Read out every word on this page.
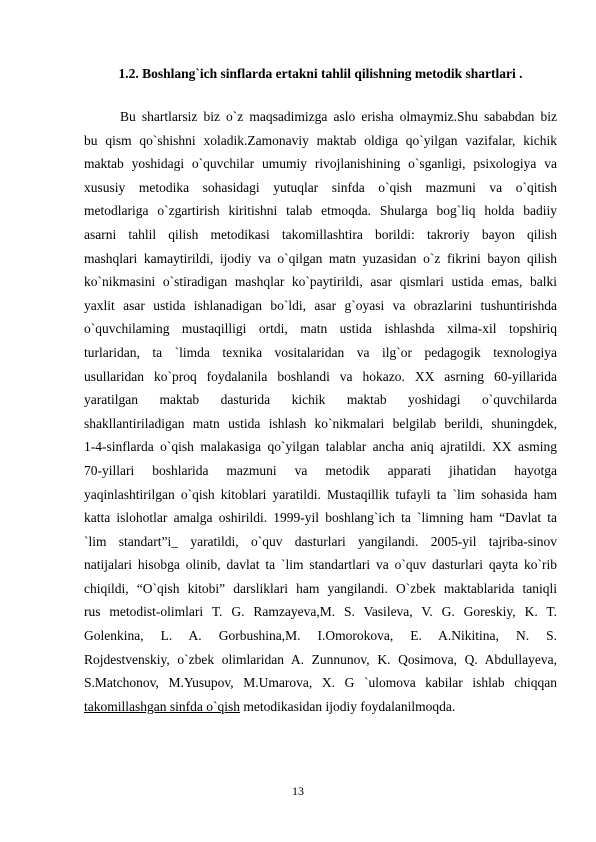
1.2. Boshlang`ich sinflarda ertakni tahlil qilishning metodik shartlari .
Bu shartlarsiz biz o`z maqsadimizga aslo erisha olmaymiz.Shu sababdan biz
bu qism qo`shishni xoladik.Zamonaviy maktab oldiga qo`yilgan vazifalar, kichik
maktab yoshidagi o`quvchilar umumiy rivojlanishining o`sganligi, psixologiya va
xususiy metodika sohasidagi yutuqlar sinfda o`qish mazmuni va o`qitish
metodlariga o`zgartirish kiritishni talab etmoqda. Shularga bog`liq holda badiiy
asarni tahlil qilish metodikasi takomillashtira borildi: takroriy bayon qilish
mashqlari kamaytirildi, ijodiy va o`qilgan matn yuzasidan o`z fikrini bayon qilish
ko`nikmasini o`stiradigan mashqlar ko`paytirildi, asar qismlari ustida emas, balki
yaxlit asar ustida ishlanadigan bo`ldi, asar g`oyasi va obrazlarini tushuntirishda
o`quvchilaming mustaqilligi ortdi, matn ustida ishlashda xilma-xil topshiriq
turlaridan, ta `limda texnika vositalaridan va ilg`or pedagogik texnologiya
usullaridan ko`proq foydalanila boshlandi va hokazo. XX asrning 60-yillarida
yaratilgan maktab dasturida kichik maktab yoshidagi o`quvchilarda
shakllantiriladigan matn ustida ishlash ko`nikmalari belgilab berildi, shuningdek,
1-4-sinflarda o`qish malakasiga qo`yilgan talablar ancha aniq ajratildi. XX asming
70-yillari boshlarida mazmuni va metodik apparati jihatidan hayotga
yaqinlashtirilgan o`qish kitoblari yaratildi. Mustaqillik tufayli ta `lim sohasida ham
katta islohotlar amalga oshirildi. 1999-yil boshlang`ich ta `limning ham “Davlat ta
`lim standart”i_ yaratildi, o`quv dasturlari yangilandi. 2005-yil tajriba-sinov
natijalari hisobga olinib, davlat ta `lim standartlari va o`quv dasturlari qayta ko`rib
chiqildi, “O`qish kitobi” darsliklari ham yangilandi. O`zbek maktablarida taniqli
rus metodist-olimlari T. G. Ramzayeva,M. S. Vasileva, V. G. Goreskiy, K. T.
Golenkina, L. A. Gorbushina,M. I.Omorokova, E. A.Nikitina, N. S.
Rojdestvenskiy, o`zbek olimlaridan A. Zunnunov, K. Qosimova, Q. Abdullayeva,
S.Matchonov, M.Yusupov, M.Umarova, X. G `ulomova kabilar ishlab chiqqan
takomillashgan sinfda o`qish metodikasidan ijodiy foydalanilmoqda.
13
